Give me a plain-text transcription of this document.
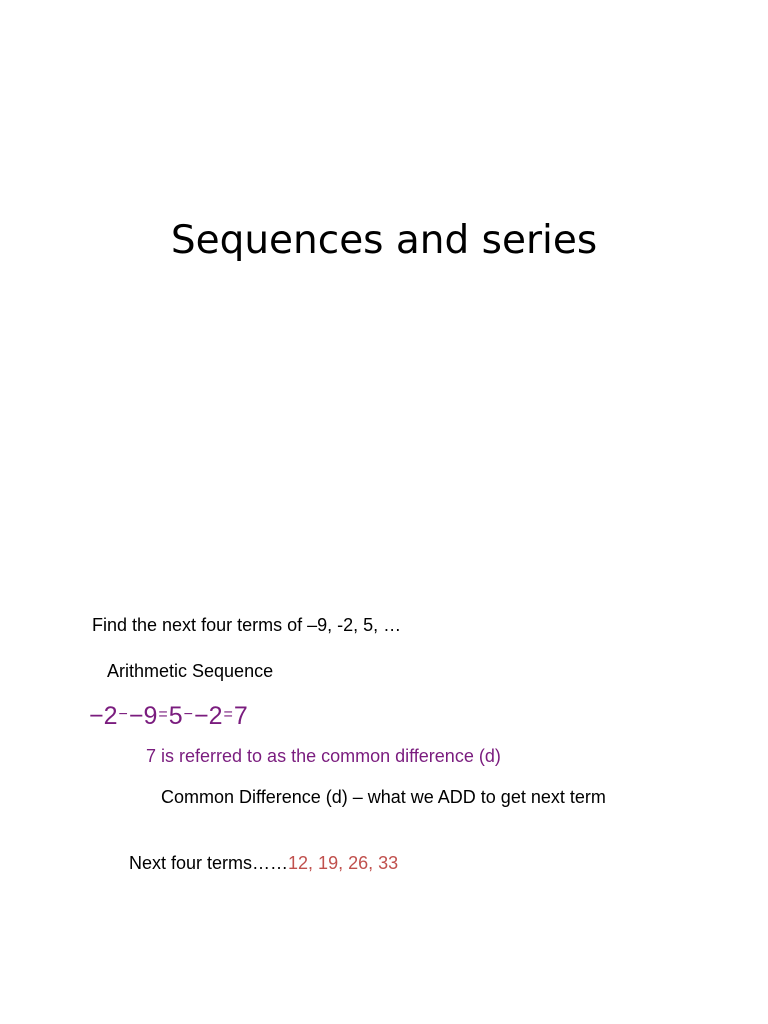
Sequences and series
Find the next four terms of –9, -2, 5, …
Arithmetic Sequence
−2−−9=5−−2=7
7 is referred to as the common difference (d)
Common Difference (d) – what we ADD to get next term
Next four terms……12, 19, 26, 33
